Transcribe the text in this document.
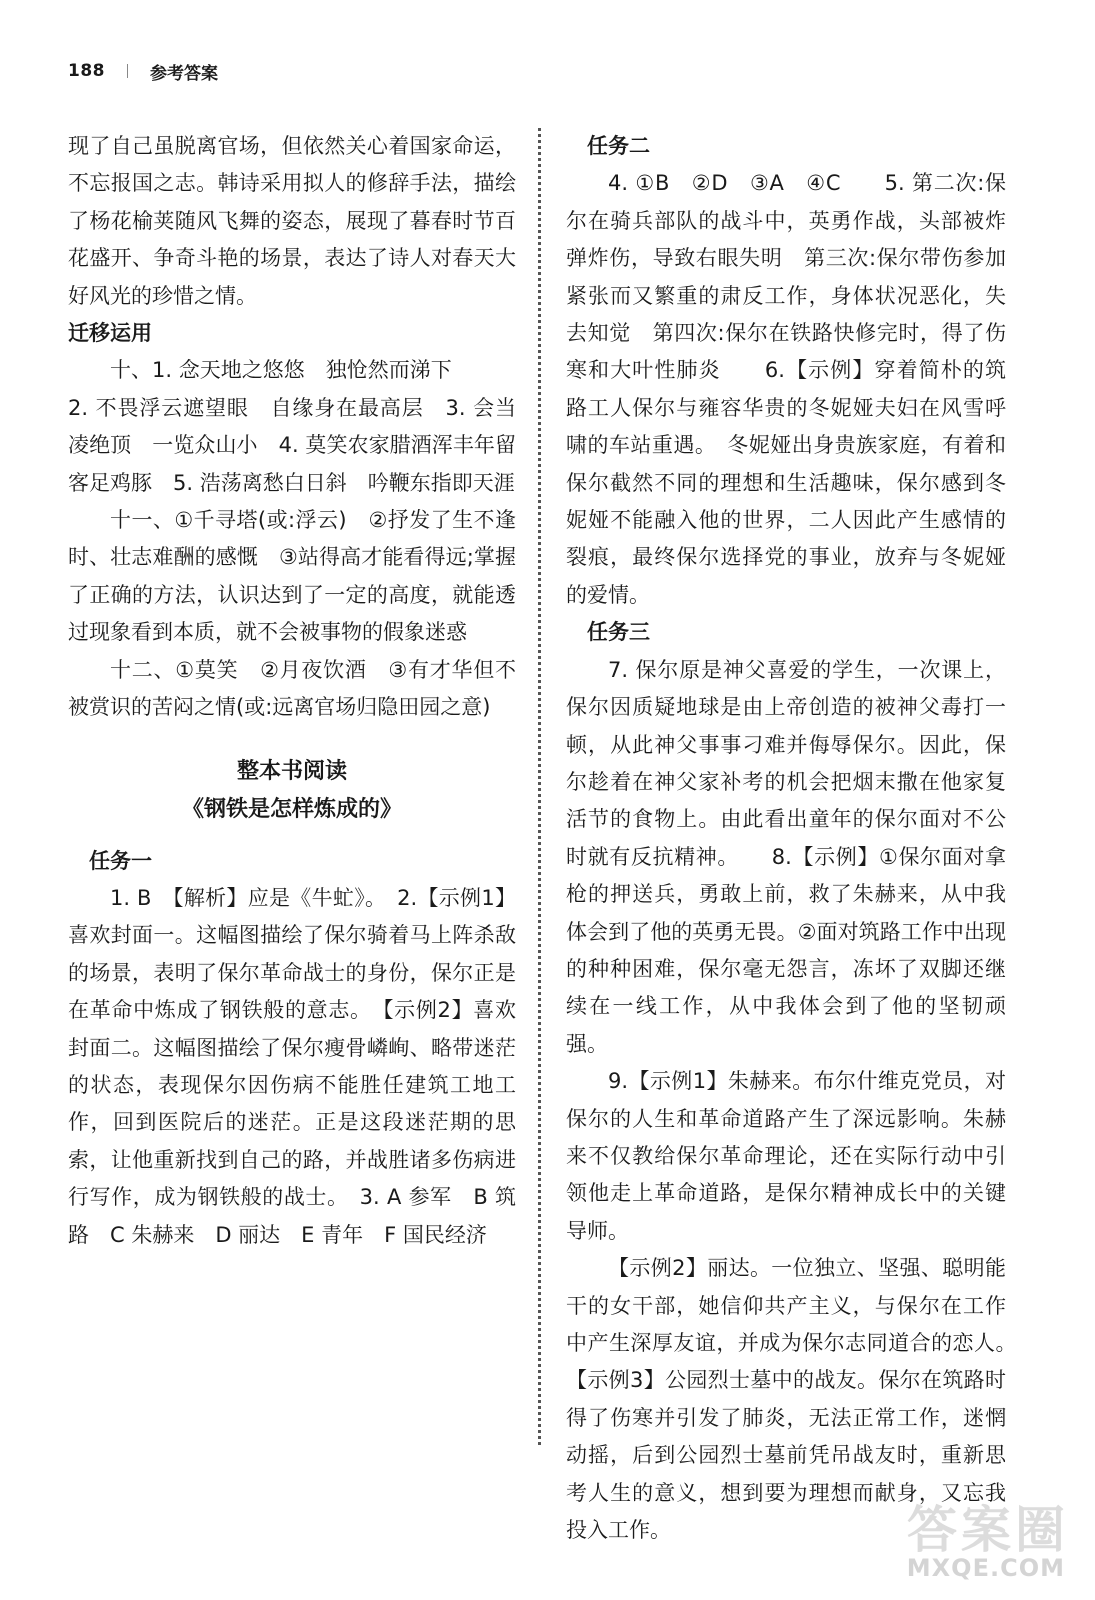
188	参考答案

现了自己虽脱离官场，但依然关心着国家命运，不忘报国之志。韩诗采用拟人的修辞手法，描绘了杨花榆荚随风飞舞的姿态，展现了暮春时节百花盛开、争奇斗艳的场景，表达了诗人对春天大好风光的珍惜之情。

迁移运用

十、1. 念天地之悠悠　独怆然而涕下

2. 不畏浮云遮望眼　自缘身在最高层　3. 会当凌绝顶　一览众山小　4. 莫笑农家腊酒浑丰年留客足鸡豚　5. 浩荡离愁白日斜　吟鞭东指即天涯

十一、①千寻塔(或:浮云)　②抒发了生不逢时、壮志难酬的感慨　③站得高才能看得远;掌握了正确的方法，认识达到了一定的高度，就能透过现象看到本质，就不会被事物的假象迷惑

十二、①莫笑　②月夜饮酒　③有才华但不被赏识的苦闷之情(或:远离官场归隐田园之意)

整本书阅读
《钢铁是怎样炼成的》
任务一

1. B　【解析】应是《牛虻》。　2.【示例1】喜欢封面一。这幅图描绘了保尔骑着马上阵杀敌的场景，表明了保尔革命战士的身份，保尔正是在革命中炼成了钢铁般的意志。　【示例2】喜欢封面二。这幅图描绘了保尔瘦骨嶙峋、略带迷茫的状态，表现保尔因伤病不能胜任建筑工地工作，回到医院后的迷茫。正是这段迷茫期的思索，让他重新找到自己的路，并战胜诸多伤病进行写作，成为钢铁般的战士。　3. A 参军　B 筑路　C 朱赫来　D 丽达　E 青年　F 国民经济

任务二

4. ①B　②D　③A　④C　　5. 第二次:保尔在骑兵部队的战斗中，英勇作战，头部被炸弹炸伤，导致右眼失明　第三次:保尔带伤参加紧张而又繁重的肃反工作，身体状况恶化，失去知觉　第四次:保尔在铁路快修完时，得了伤寒和大叶性肺炎　　6.【示例】穿着简朴的筑路工人保尔与雍容华贵的冬妮娅夫妇在风雪呼啸的车站重遇。　冬妮娅出身贵族家庭，有着和保尔截然不同的理想和生活趣味，保尔感到冬妮娅不能融入他的世界，二人因此产生感情的裂痕，最终保尔选择党的事业，放弃与冬妮娅的爱情。

任务三

7. 保尔原是神父喜爱的学生，一次课上，保尔因质疑地球是由上帝创造的被神父毒打一顿，从此神父事事刁难并侮辱保尔。因此，保尔趁着在神父家补考的机会把烟末撒在他家复活节的食物上。由此看出童年的保尔面对不公时就有反抗精神。　　8.【示例】①保尔面对拿枪的押送兵，勇敢上前，救了朱赫来，从中我体会到了他的英勇无畏。②面对筑路工作中出现的种种困难，保尔毫无怨言，冻坏了双脚还继续在一线工作，从中我体会到了他的坚韧顽强。

9.【示例1】朱赫来。布尔什维克党员，对保尔的人生和革命道路产生了深远影响。朱赫来不仅教给保尔革命理论，还在实际行动中引领他走上革命道路，是保尔精神成长中的关键导师。

【示例2】丽达。一位独立、坚强、聪明能干的女干部，她信仰共产主义，与保尔在工作中产生深厚友谊，并成为保尔志同道合的恋人。　【示例3】公园烈士墓中的战友。保尔在筑路时得了伤寒并引发了肺炎，无法正常工作，迷惘动摇，后到公园烈士墓前凭吊战友时，重新思考人生的意义，想到要为理想而献身，又忘我投入工作。	答案圈
MXQE.COM
